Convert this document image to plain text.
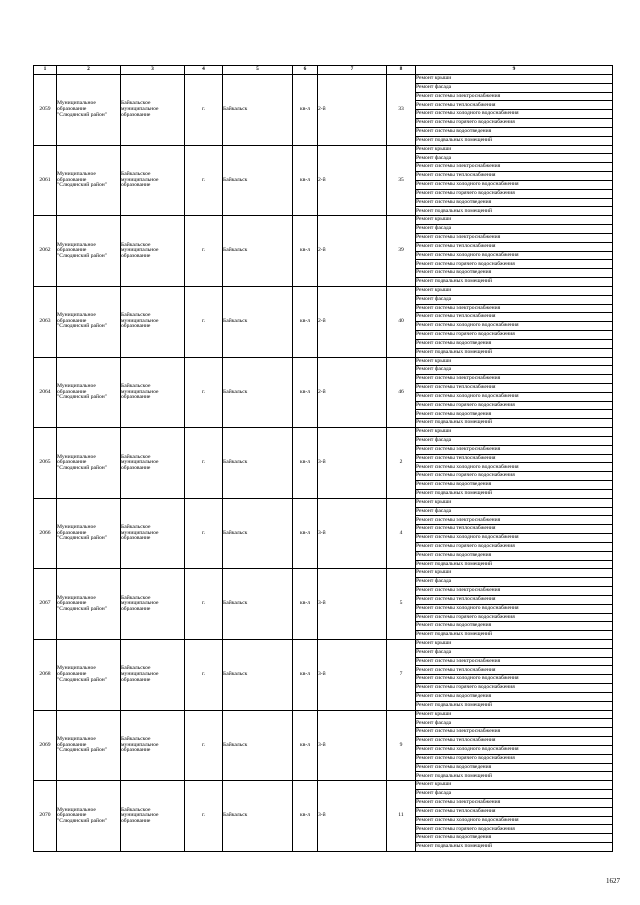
1	2	3	4	5	6	7	8	9
2059	Муниципальное образование "Слюдянский район"	Байкальское муниципальное образование	г.	Байкальск	кв-л	2-й	33	Ремонт крыши
								Ремонт фасада
								Ремонт системы электроснабжения
								Ремонт системы теплоснабжения
								Ремонт системы холодного водоснабжения
								Ремонт системы горячего водоснабжения
								Ремонт системы водоотведения
								Ремонт подвальных помещений
2061	Муниципальное образование "Слюдянский район"	Байкальское муниципальное образование	г.	Байкальск	кв-л	2-й	35	Ремонт крыши
								Ремонт фасада
								Ремонт системы электроснабжения
								Ремонт системы теплоснабжения
								Ремонт системы холодного водоснабжения
								Ремонт системы горячего водоснабжения
								Ремонт системы водоотведения
								Ремонт подвальных помещений
2062	Муниципальное образование "Слюдянский район"	Байкальское муниципальное образование	г.	Байкальск	кв-л	2-й	39	Ремонт крыши
								Ремонт фасада
								Ремонт системы электроснабжения
								Ремонт системы теплоснабжения
								Ремонт системы холодного водоснабжения
								Ремонт системы горячего водоснабжения
								Ремонт системы водоотведения
								Ремонт подвальных помещений
2063	Муниципальное образование "Слюдянский район"	Байкальское муниципальное образование	г.	Байкальск	кв-л	2-й	40	Ремонт крыши
								Ремонт фасада
								Ремонт системы электроснабжения
								Ремонт системы теплоснабжения
								Ремонт системы холодного водоснабжения
								Ремонт системы горячего водоснабжения
								Ремонт системы водоотведения
								Ремонт подвальных помещений
2064	Муниципальное образование "Слюдянский район"	Байкальское муниципальное образование	г.	Байкальск	кв-л	2-й	46	Ремонт крыши
								Ремонт фасада
								Ремонт системы электроснабжения
								Ремонт системы теплоснабжения
								Ремонт системы холодного водоснабжения
								Ремонт системы горячего водоснабжения
								Ремонт системы водоотведения
								Ремонт подвальных помещений
2065	Муниципальное образование "Слюдянский район"	Байкальское муниципальное образование	г.	Байкальск	кв-л	3-й	2	Ремонт крыши
								Ремонт фасада
								Ремонт системы электроснабжения
								Ремонт системы теплоснабжения
								Ремонт системы холодного водоснабжения
								Ремонт системы горячего водоснабжения
								Ремонт системы водоотведения
								Ремонт подвальных помещений
2066	Муниципальное образование "Слюдянский район"	Байкальское муниципальное образование	г.	Байкальск	кв-л	3-й	4	Ремонт крыши
								Ремонт фасада
								Ремонт системы электроснабжения
								Ремонт системы теплоснабжения
								Ремонт системы холодного водоснабжения
								Ремонт системы горячего водоснабжения
								Ремонт системы водоотведения
								Ремонт подвальных помещений
2067	Муниципальное образование "Слюдянский район"	Байкальское муниципальное образование	г.	Байкальск	кв-л	3-й	5	Ремонт крыши
								Ремонт фасада
								Ремонт системы электроснабжения
								Ремонт системы теплоснабжения
								Ремонт системы холодного водоснабжения
								Ремонт системы горячего водоснабжения
								Ремонт системы водоотведения
								Ремонт подвальных помещений
2068	Муниципальное образование "Слюдянский район"	Байкальское муниципальное образование	г.	Байкальск	кв-л	3-й	7	Ремонт крыши
								Ремонт фасада
								Ремонт системы электроснабжения
								Ремонт системы теплоснабжения
								Ремонт системы холодного водоснабжения
								Ремонт системы горячего водоснабжения
								Ремонт системы водоотведения
								Ремонт подвальных помещений
2069	Муниципальное образование "Слюдянский район"	Байкальское муниципальное образование	г.	Байкальск	кв-л	3-й	9	Ремонт крыши
								Ремонт фасада
								Ремонт системы электроснабжения
								Ремонт системы теплоснабжения
								Ремонт системы холодного водоснабжения
								Ремонт системы горячего водоснабжения
								Ремонт системы водоотведения
								Ремонт подвальных помещений
2070	Муниципальное образование "Слюдянский район"	Байкальское муниципальное образование	г.	Байкальск	кв-л	3-й	11	Ремонт крыши
								Ремонт фасада
								Ремонт системы электроснабжения
								Ремонт системы теплоснабжения
								Ремонт системы холодного водоснабжения
								Ремонт системы горячего водоснабжения
								Ремонт системы водоотведения
								Ремонт подвальных помещений
1627
